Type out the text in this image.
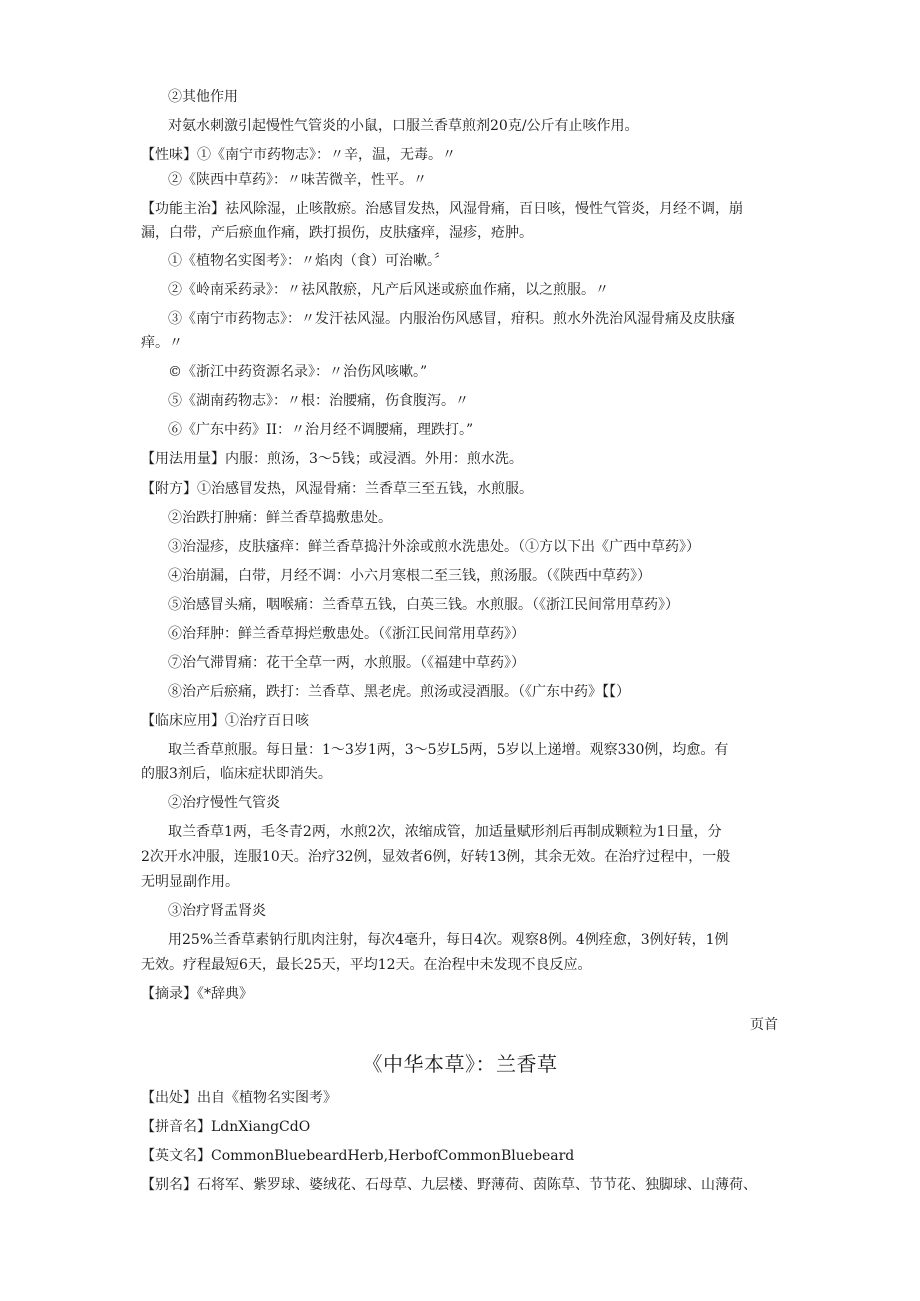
②其他作用
对氨水刺激引起慢性气管炎的小鼠，口服兰香草煎剂20克/公斤有止咳作用。
【性味】①《南宁市药物志》：〃辛，温，无毒。〃
②《陕西中草药》：〃味苦微辛，性平。〃
【功能主治】祛风除湿，止咳散瘀。治感冒发热，风湿骨痛，百日咳，慢性气管炎，月经不调，崩
漏，白带，产后瘀血作痛，跌打损伤，皮肤瘙痒，湿疹，疮肿。
①《植物名实图考》：〃焰肉（食）可治嗽。〞
②《岭南采药录》：〃祛风散瘀，凡产后风迷或瘀血作痛，以之煎服。〃
③《南宁市药物志》：〃发汗祛风湿。内服治伤风感冒，疳积。煎水外洗治风湿骨痛及皮肤瘙
痒。〃
©《浙江中药资源名录》：〃治伤风咳嗽。”
⑤《湖南药物志》：〃根：治腰痛，伤食腹泻。〃
⑥《广东中药》II：〃治月经不调腰痛，理跌打。”
【用法用量】内服：煎汤，3〜5钱；或浸酒。外用：煎水洗。
【附方】①治感冒发热，风湿骨痛：兰香草三至五钱，水煎服。
②治跌打肿痛：鲜兰香草捣敷患处。
③治湿疹，皮肤瘙痒：鲜兰香草捣汁外涂或煎水洗患处。（①方以下出《广西中草药》）
④治崩漏，白带，月经不调：小六月寒根二至三钱，煎汤服。（《陕西中草药》）
⑤治感冒头痛，咽喉痛：兰香草五钱，白英三钱。水煎服。（《浙江民间常用草药》）
⑥治拜肿：鲜兰香草拇烂敷患处。（《浙江民间常用草药》）
⑦治气滞胃痛：花干全草一两，水煎服。（《福建中草药》）
⑧治产后瘀痛，跌打：兰香草、黑老虎。煎汤或浸酒服。（《广东中药》【【）
【临床应用】①治疗百日咳
取兰香草煎服。每日量：1〜3岁1两，3〜5岁L5两，5岁以上递增。观察330例，均愈。有
的服3剂后，临床症状即消失。
②治疗慢性气管炎
取兰香草1两，毛冬青2两，水煎2次，浓缩成管，加适量赋形剂后再制成颗粒为1日量，分
2次开水冲服，连服10天。治疗32例，显效者6例，好转13例，其余无效。在治疗过程中，一般
无明显副作用。
③治疗肾盂肾炎
用25%兰香草素钠行肌肉注射，每次4毫升，每日4次。观察8例。4例痊愈，3例好转，1例
无效。疗程最短6天，最长25天，平均12天。在治程中未发现不良反应。
【摘录】《*辞典》
页首
《中华本草》：兰香草
【出处】出自《植物名实图考》
【拼音名】LdnXiangCdO
【英文名】CommonBluebeardHerb,HerbofCommonBluebeard
【别名】石将军、紫罗球、婆绒花、石母草、九层楼、野薄荷、茵陈草、节节花、独脚球、山薄荷、
